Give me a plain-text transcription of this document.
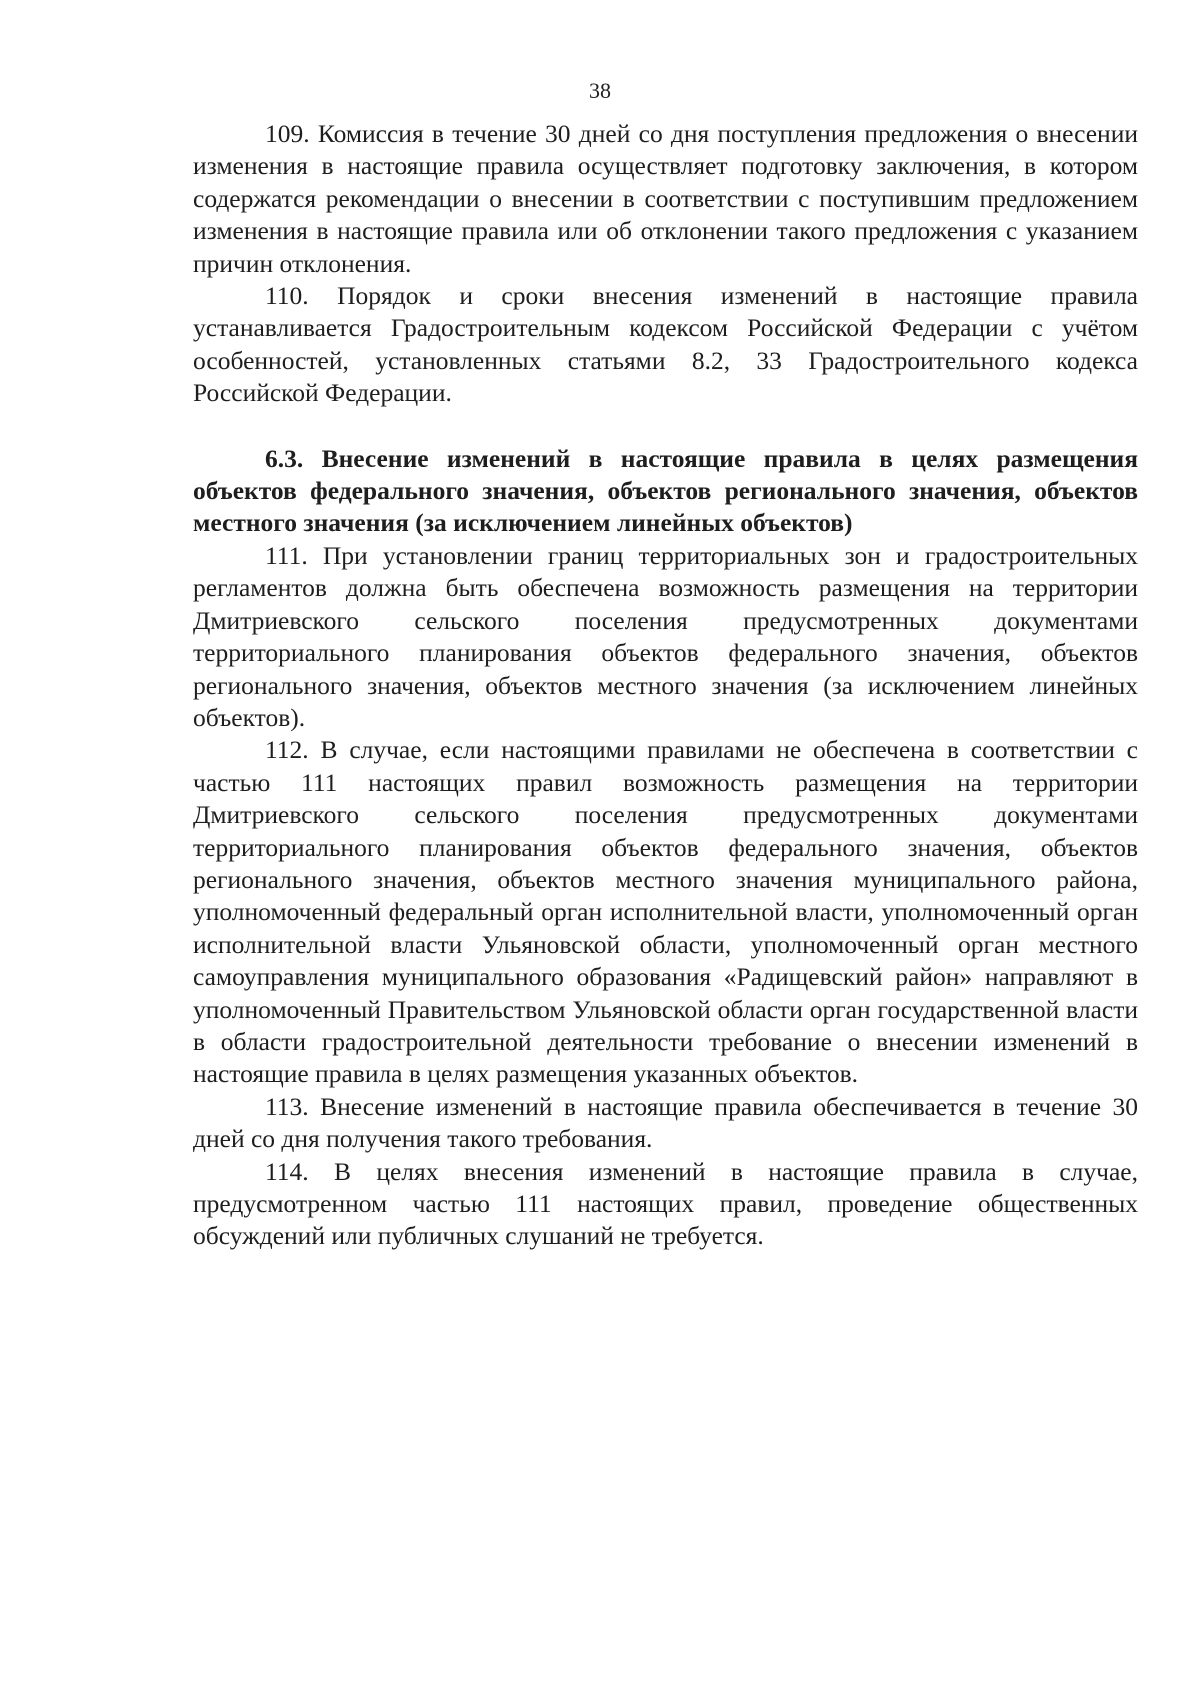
38

109. Комиссия в течение 30 дней со дня поступления предложения о внесении изменения в настоящие правила осуществляет подготовку заключения, в котором содержатся рекомендации о внесении в соответствии с поступившим предложением изменения в настоящие правила или об отклонении такого предложения с указанием причин отклонения.

110. Порядок и сроки внесения изменений в настоящие правила устанавливается Градостроительным кодексом Российской Федерации с учётом особенностей, установленных статьями 8.2, 33 Градостроительного кодекса Российской Федерации.

6.3. Внесение изменений в настоящие правила в целях размещения объектов федерального значения, объектов регионального значения, объектов местного значения (за исключением линейных объектов)

111. При установлении границ территориальных зон и градостроительных регламентов должна быть обеспечена возможность размещения на территории Дмитриевского сельского поселения предусмотренных документами территориального планирования объектов федерального значения, объектов регионального значения, объектов местного значения (за исключением линейных объектов).

112. В случае, если настоящими правилами не обеспечена в соответствии с частью 111 настоящих правил возможность размещения на территории Дмитриевского сельского поселения предусмотренных документами территориального планирования объектов федерального значения, объектов регионального значения, объектов местного значения муниципального района, уполномоченный федеральный орган исполнительной власти, уполномоченный орган исполнительной власти Ульяновской области, уполномоченный орган местного самоуправления муниципального образования «Радищевский район» направляют в уполномоченный Правительством Ульяновской области орган государственной власти в области градостроительной деятельности требование о внесении изменений в настоящие правила в целях размещения указанных объектов.

113. Внесение изменений в настоящие правила обеспечивается в течение 30 дней со дня получения такого требования.

114. В целях внесения изменений в настоящие правила в случае, предусмотренном частью 111 настоящих правил, проведение общественных обсуждений или публичных слушаний не требуется.
